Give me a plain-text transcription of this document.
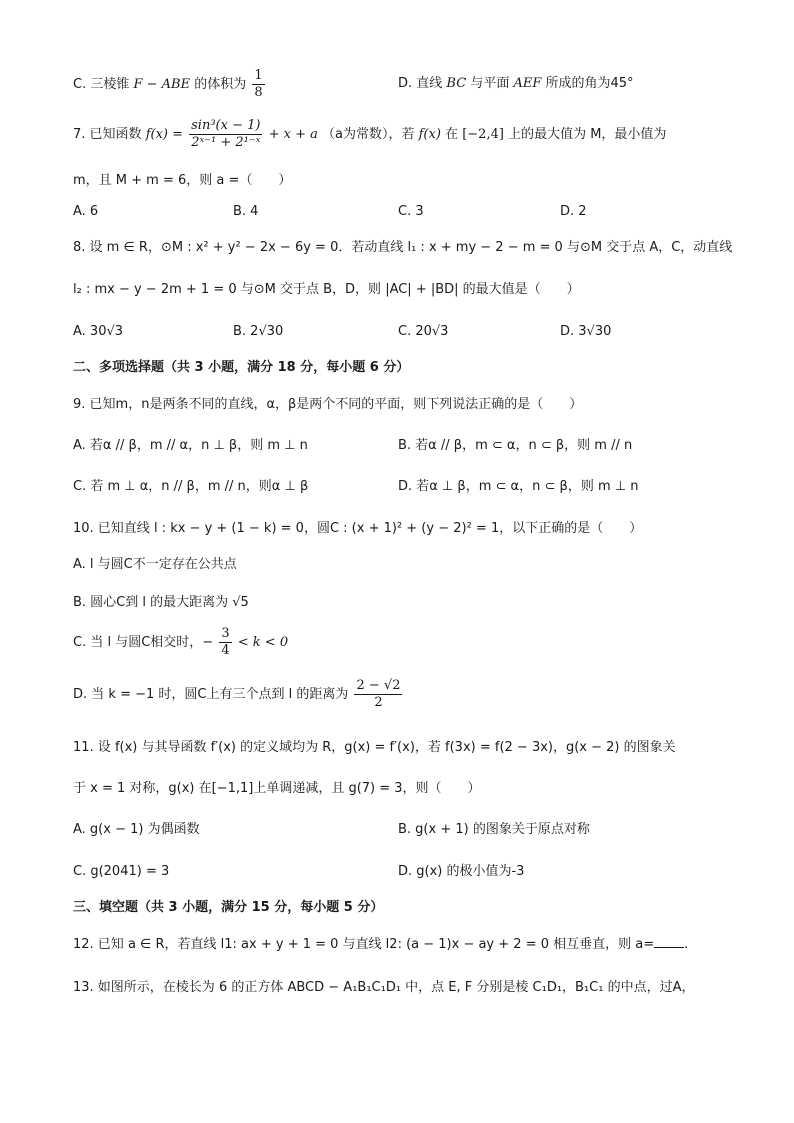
C. 三棱锥 F − ABE 的体积为 $\frac{1}{8}$	D. 直线 BC 与平面 AEF 所成的角为45°
7. 已知函数 $f(x) = \frac{\text{sin³(x − 1)}}{\text{2ˣ⁻¹ + 2¹⁻ˣ}} + x + a$ （a为常数），若 f(x) 在 [−2,4] 上的最大值为 M，最小值为
m，且 M + m = 6，则 a =（　　）
A. 6	B. 4	C. 3	D. 2
8. 设 m ∈ R，⊙M : x² + y² − 2x − 6y = 0．若动直线 l₁ : x + my − 2 − m = 0 与⊙M 交于点 A，C，动直线
l₂ : mx − y − 2m + 1 = 0 与⊙M 交于点 B，D，则 |AC| + |BD| 的最大值是（　　）
A. 30√3	B. 2√30	C. 20√3	D. 3√30
二、多项选择题（共 3 小题，满分 18 分，每小题 6 分）
9. 已知m，n是两条不同的直线，α，β是两个不同的平面，则下列说法正确的是（　　）
A. 若α // β，m // α，n ⊥ β，则 m ⊥ n	B. 若α // β，m ⊂ α，n ⊂ β，则 m // n
C. 若 m ⊥ α，n // β，m // n，则α ⊥ β	D. 若α ⊥ β，m ⊂ α，n ⊂ β，则 m ⊥ n
10. 已知直线 l : kx − y + (1 − k) = 0，圆C : (x + 1)² + (y − 2)² = 1，以下正确的是（　　）
A. l 与圆C不一定存在公共点
B. 圆心C到 l 的最大距离为 √5
C. 当 l 与圆C相交时，− $\frac{3}{4} < k < 0$
D. 当 k = −1 时，圆C上有三个点到 l 的距离为 $\frac{2 - √2}{2}$
11. 设 f(x) 与其导函数 f′(x) 的定义域均为 R，g(x) = f′(x)，若 f(3x) = f(2 − 3x)，g(x − 2) 的图象关
于 x = 1 对称，g(x) 在[−1,1]上单调递减，且 g(7) = 3，则（　　）
A. g(x − 1) 为偶函数	B. g(x + 1) 的图象关于原点对称
C. g(2041) = 3	D. g(x) 的极小值为-3
三、填空题（共 3 小题，满分 15 分，每小题 5 分）
12. 已知 a ∈ R，若直线 l1: ax + y + 1 = 0 与直线 l2: (a − 1)x − ay + 2 = 0 相互垂直，则 a= .
13. 如图所示，在棱长为 6 的正方体 ABCD − A₁B₁C₁D₁ 中，点 E, F 分别是棱 C₁D₁，B₁C₁ 的中点，过A，
